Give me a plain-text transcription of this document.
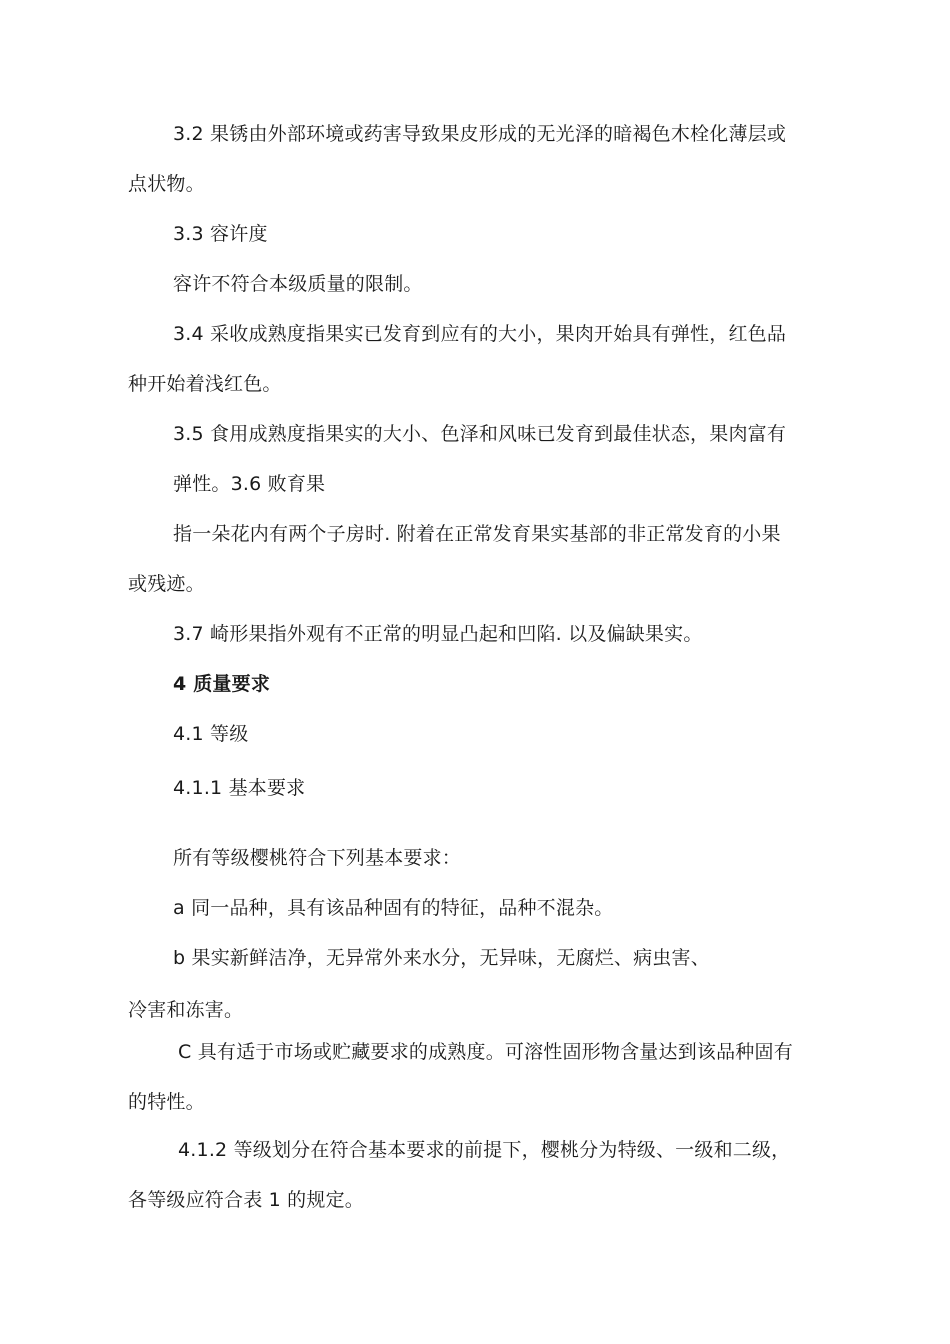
3.2 果锈由外部环境或药害导致果皮形成的无光泽的暗褐色木栓化薄层或
点状物。
3.3 容许度
容许不符合本级质量的限制。
3.4 采收成熟度指果实已发育到应有的大小，果肉开始具有弹性，红色品
种开始着浅红色。
3.5 食用成熟度指果实的大小、色泽和风味已发育到最佳状态，果肉富有
弹性。3.6 败育果
指一朵花内有两个子房时. 附着在正常发育果实基部的非正常发育的小果
或残迹。
3.7 崎形果指外观有不正常的明显凸起和凹陷. 以及偏缺果实。
4 质量要求
4.1 等级
4.1.1 基本要求
所有等级樱桃符合下列基本要求：
a 同一品种，具有该品种固有的特征，品种不混杂。
b 果实新鲜洁净，无异常外来水分，无异味，无腐烂、病虫害、
冷害和冻害。
C 具有适于市场或贮藏要求的成熟度。可溶性固形物含量达到该品种固有
的特性。
4.1.2 等级划分在符合基本要求的前提下，樱桃分为特级、一级和二级，
各等级应符合表 1 的规定。
